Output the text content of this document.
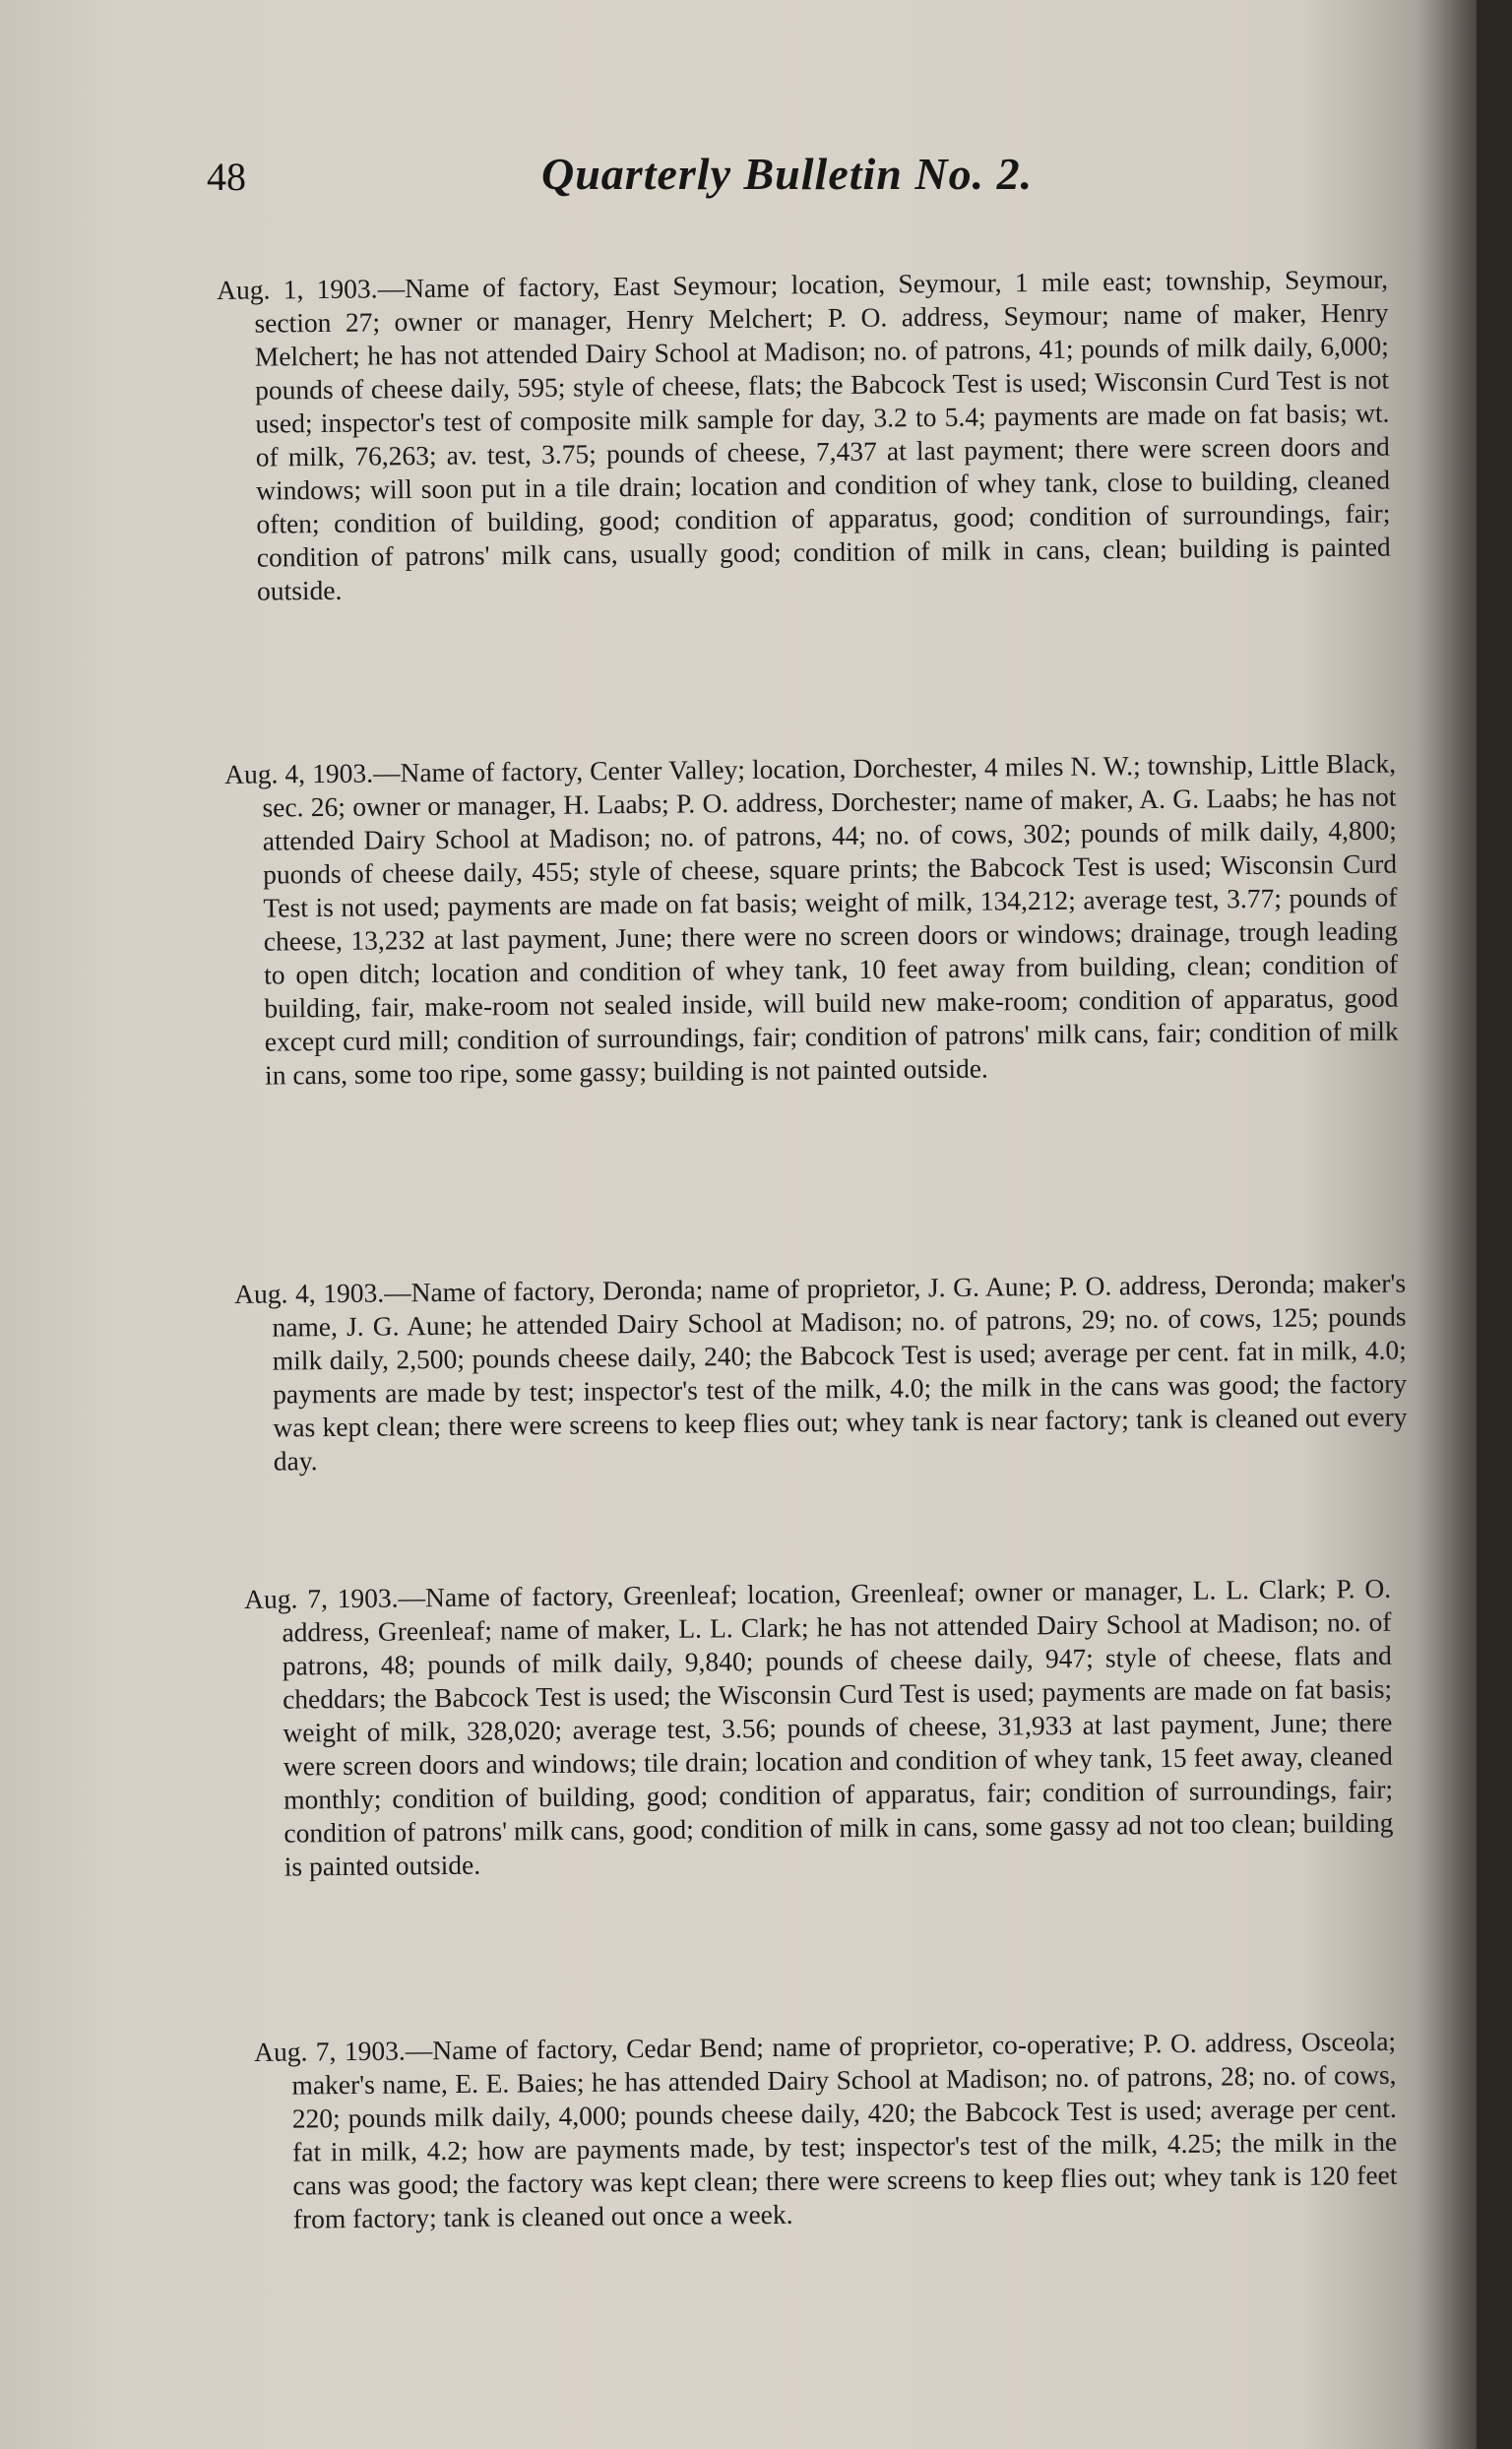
48	Quarterly Bulletin No. 2.

Aug. 1, 1903.—Name of factory, East Seymour; location, Seymour, 1 mile east; township, Seymour, section 27; owner or manager, Henry Melchert; P. O. address, Seymour; name of maker, Henry Melchert; he has not attended Dairy School at Madison; no. of patrons, 41; pounds of milk daily, 6,000; pounds of cheese daily, 595; style of cheese, flats; the Babcock Test is used; Wisconsin Curd Test is not used; inspector's test of composite milk sample for day, 3.2 to 5.4; payments are made on fat basis; wt. of milk, 76,263; av. test, 3.75; pounds of cheese, 7,437 at last payment; there were screen doors and windows; will soon put in a tile drain; location and condition of whey tank, close to building, cleaned often; condition of building, good; condition of apparatus, good; condition of surroundings, fair; condition of patrons' milk cans, usually good; condition of milk in cans, clean; building is painted outside.

Aug. 4, 1903.—Name of factory, Center Valley; location, Dorchester, 4 miles N. W.; township, Little Black, sec. 26; owner or manager, H. Laabs; P. O. address, Dorchester; name of maker, A. G. Laabs; he has not attended Dairy School at Madison; no. of patrons, 44; no. of cows, 302; pounds of milk daily, 4,800; puonds of cheese daily, 455; style of cheese, square prints; the Babcock Test is used; Wisconsin Curd Test is not used; payments are made on fat basis; weight of milk, 134,212; average test, 3.77; pounds of cheese, 13,232 at last payment, June; there were no screen doors or windows; drainage, trough leading to open ditch; location and condition of whey tank, 10 feet away from building, clean; condition of building, fair, make-room not sealed inside, will build new make-room; condition of apparatus, good except curd mill; condition of surroundings, fair; condition of patrons' milk cans, fair; condition of milk in cans, some too ripe, some gassy; building is not painted outside.

Aug. 4, 1903.—Name of factory, Deronda; name of proprietor, J. G. Aune; P. O. address, Deronda; maker's name, J. G. Aune; he attended Dairy School at Madison; no. of patrons, 29; no. of cows, 125; pounds milk daily, 2,500; pounds cheese daily, 240; the Babcock Test is used; average per cent. fat in milk, 4.0; payments are made by test; inspector's test of the milk, 4.0; the milk in the cans was good; the factory was kept clean; there were screens to keep flies out; whey tank is near factory; tank is cleaned out every day.

Aug. 7, 1903.—Name of factory, Greenleaf; location, Greenleaf; owner or manager, L. L. Clark; P. O. address, Greenleaf; name of maker, L. L. Clark; he has not attended Dairy School at Madison; no. of patrons, 48; pounds of milk daily, 9,840; pounds of cheese daily, 947; style of cheese, flats and cheddars; the Babcock Test is used; the Wisconsin Curd Test is used; payments are made on fat basis; weight of milk, 328,020; average test, 3.56; pounds of cheese, 31,933 at last payment, June; there were screen doors and windows; tile drain; location and condition of whey tank, 15 feet away, cleaned monthly; condition of building, good; condition of apparatus, fair; condition of surroundings, fair; condition of patrons' milk cans, good; condition of milk in cans, some gassy ad not too clean; building is painted outside.

Aug. 7, 1903.—Name of factory, Cedar Bend; name of proprietor, co-operative; P. O. address, Osceola; maker's name, E. E. Baies; he has attended Dairy School at Madison; no. of patrons, 28; no. of cows, 220; pounds milk daily, 4,000; pounds cheese daily, 420; the Babcock Test is used; average per cent. fat in milk, 4.2; how are payments made, by test; inspector's test of the milk, 4.25; the milk in the cans was good; the factory was kept clean; there were screens to keep flies out; whey tank is 120 feet from factory; tank is cleaned out once a week.
